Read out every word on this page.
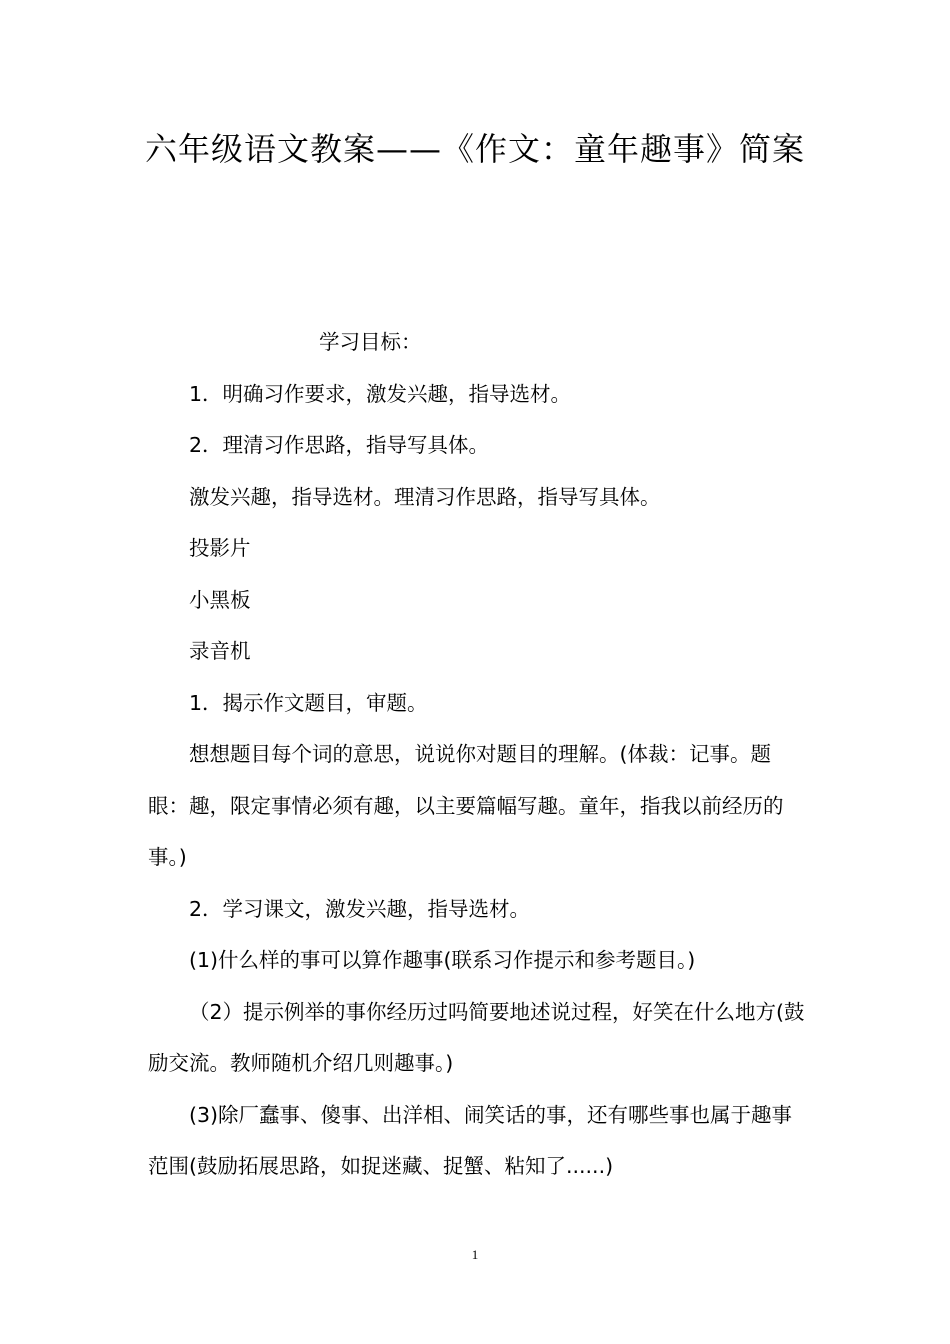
六年级语文教案——《作文：童年趣事》简案

学习目标：

1．明确习作要求，激发兴趣，指导选材。

2．理清习作思路，指导写具体。

激发兴趣，指导选材。理清习作思路，指导写具体。

投影片

小黑板

录音机

1．揭示作文题目，审题。

想想题目每个词的意思，说说你对题目的理解。(体裁：记事。题眼：趣，限定事情必须有趣，以主要篇幅写趣。童年，指我以前经历的事。)

2．学习课文，激发兴趣，指导选材。

(1)什么样的事可以算作趣事(联系习作提示和参考题目。)

（2）提示例举的事你经历过吗简要地述说过程，好笑在什么地方(鼓励交流。教师随机介绍几则趣事。)

(3)除厂蠢事、傻事、出洋相、闹笑话的事，还有哪些事也属于趣事范围(鼓励拓展思路，如捉迷藏、捉蟹、粘知了......)

1
